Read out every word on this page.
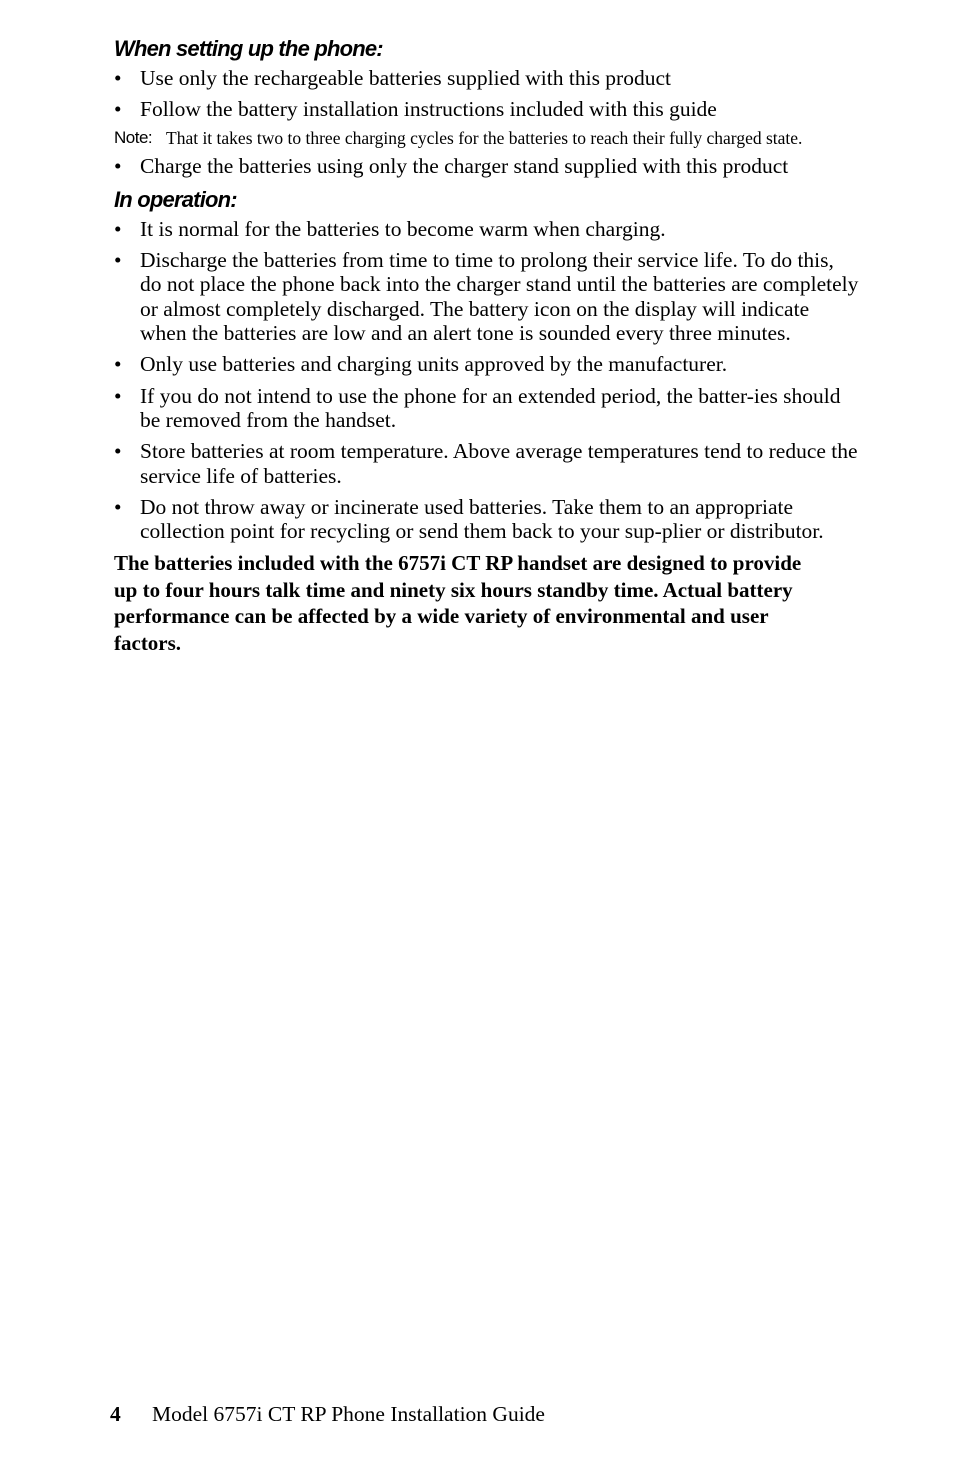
When setting up the phone:
• Use only the rechargeable batteries supplied with this product
• Follow the battery installation instructions included with this guide
Note: That it takes two to three charging cycles for the batteries to reach their fully charged state.
• Charge the batteries using only the charger stand supplied with this product
In operation:
• It is normal for the batteries to become warm when charging.
• Discharge the batteries from time to time to prolong their service life. To do this, do not place the phone back into the charger stand until the batteries are completely or almost completely discharged. The battery icon on the display will indicate when the batteries are low and an alert tone is sounded every three minutes.
• Only use batteries and charging units approved by the manufacturer.
• If you do not intend to use the phone for an extended period, the batter-ies should be removed from the handset.
• Store batteries at room temperature. Above average temperatures tend to reduce the service life of batteries.
• Do not throw away or incinerate used batteries. Take them to an appropriate collection point for recycling or send them back to your sup-plier or distributor.
The batteries included with the 6757i CT RP handset are designed to provide up to four hours talk time and ninety six hours standby time. Actual battery performance can be affected by a wide variety of environmental and user factors.
4 Model 6757i CT RP Phone Installation Guide
